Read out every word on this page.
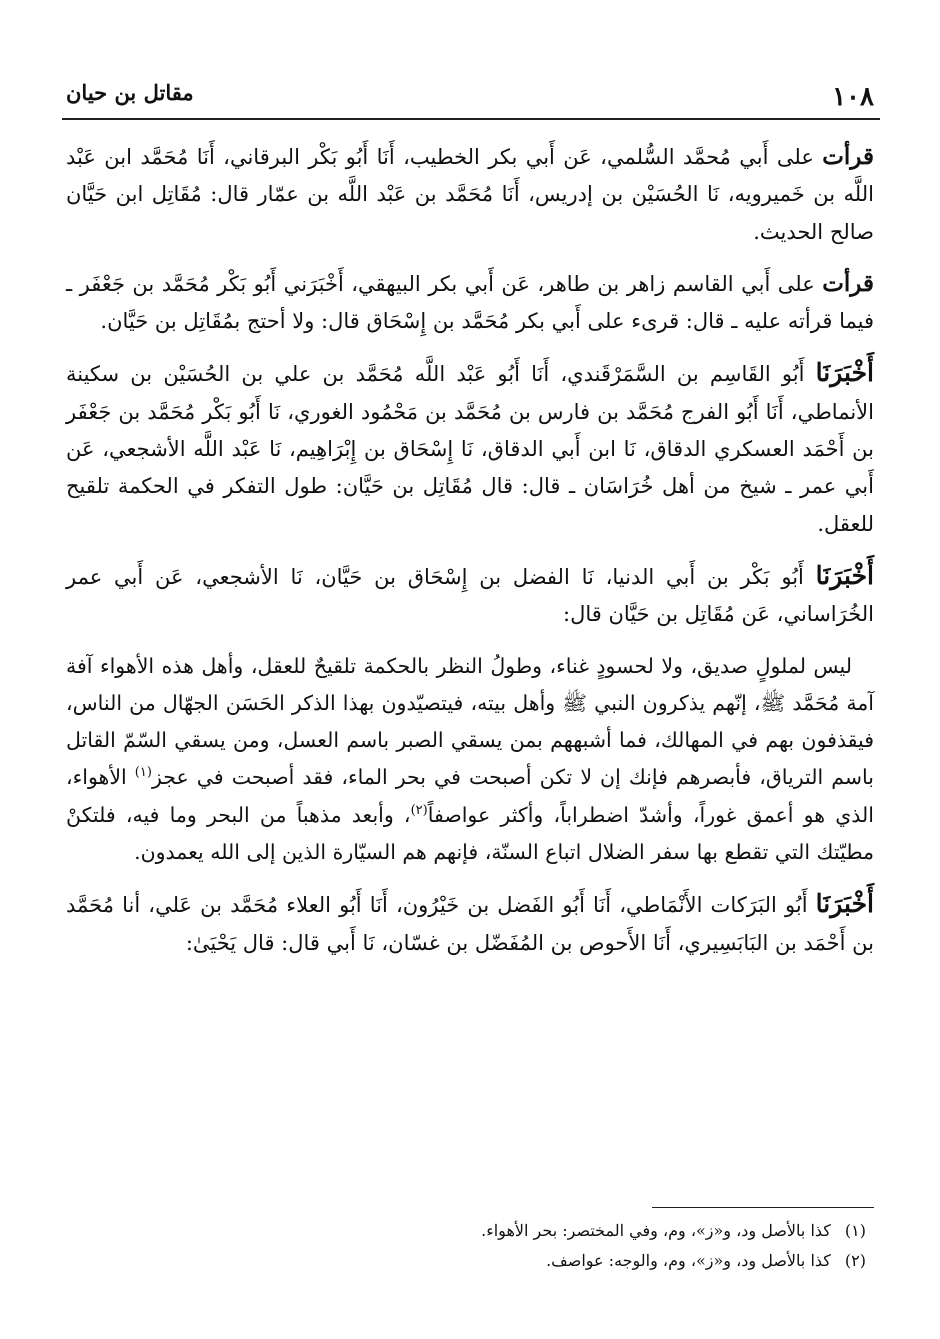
١٠٨
مقاتل بن حيان

قرأت على أَبي مُحمَّد السُّلمي، عَن أَبي بكر الخطيب، أَنَا أَبُو بَكْر البرقاني، أَنَا مُحَمَّد ابن عَبْد اللَّه بن خَميرويه، نَا الحُسَيْن بن إدريس، أَنَا مُحَمَّد بن عَبْد اللَّه بن عمّار قال: مُقَاتِل ابن حَيَّان صالح الحديث.

قرأت على أَبي القاسم زاهر بن طاهر، عَن أَبي بكر البيهقي، أَخْبَرَني أَبُو بَكْر مُحَمَّد بن جَعْفَر ـ فيما قرأته عليه ـ قال: قرىء على أَبي بكر مُحَمَّد بن إِسْحَاق قال: ولا أحتج بمُقَاتِل بن حَيَّان.

أَخْبَرَنَا أَبُو القَاسِم بن السَّمَرْقَندي، أَنَا أَبُو عَبْد اللَّه مُحَمَّد بن علي بن الحُسَيْن بن سكينة الأنماطي، أَنَا أَبُو الفرج مُحَمَّد بن فارس بن مُحَمَّد بن مَحْمُود الغوري، نَا أَبُو بَكْر مُحَمَّد بن جَعْفَر بن أَحْمَد العسكري الدقاق، نَا ابن أَبي الدقاق، نَا إِسْحَاق بن إِبْرَاهِيم، نَا عَبْد اللَّه الأشجعي، عَن أَبي عمر ـ شيخ من أهل خُرَاسَان ـ قال: قال مُقَاتِل بن حَيَّان: طول التفكر في الحكمة تلقيح للعقل.

أَخْبَرَنَا أَبُو بَكْر بن أَبي الدنيا، نَا الفضل بن إِسْحَاق بن حَيَّان، نَا الأشجعي، عَن أَبي عمر الخُرَاساني، عَن مُقَاتِل بن حَيَّان قال:

ليس لملولٍ صديق، ولا لحسودٍ غناء، وطولُ النظر بالحكمة تلقيحٌ للعقل، وأهل هذه الأهواء آفة آمة مُحَمَّد ﷺ، إنّهم يذكرون النبي ﷺ وأهل بيته، فيتصيّدون بهذا الذكر الحَسَن الجهّال من الناس، فيقذفون بهم في المهالك، فما أشبههم بمن يسقي الصبر باسم العسل، ومن يسقي السّمّ القاتل باسم الترياق، فأبصرهم فإنك إن لا تكن أصبحت في بحر الماء، فقد أصبحت في عجز$^{(١)}$ الأهواء، الذي هو أعمق غوراً، وأشدّ اضطراباً، وأكثر عواصفاً$^{(٢)}$، وأبعد مذهباً من البحر وما فيه، فلتكنْ مطيّتك التي تقطع بها سفر الضلال اتباع السنّة، فإنهم هم السيّارة الذين إلى الله يعمدون.

أَخْبَرَنَا أَبُو البَرَكات الأَنْمَاطي، أَنَا أَبُو الفَضل بن خَيْرُون، أَنَا أَبُو العلاء مُحَمَّد بن عَلي، أنا مُحَمَّد بن أَحْمَد بن البَابَسِيري، أَنَا الأَحوص بن المُفَضّل بن غسّان، نَا أَبي قال: قال يَحْيَىٰ:

(١)كذا بالأصل ود، و«ز»، وم، وفي المختصر: بحر الأهواء.

(٢)كذا بالأصل ود، و«ز»، وم، والوجه: عواصف.
